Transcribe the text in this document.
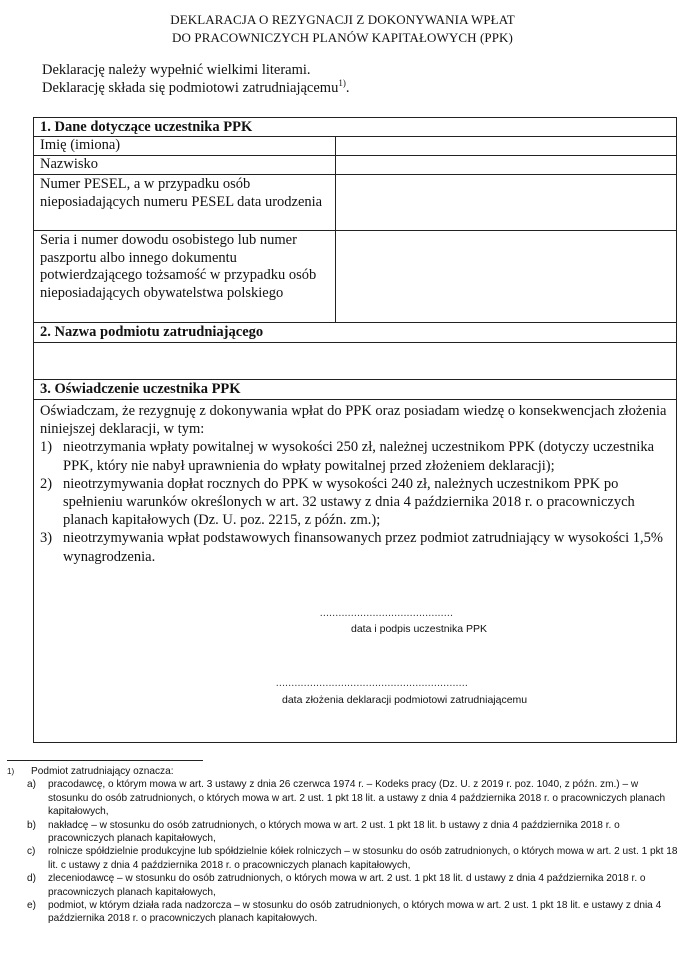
DEKLARACJA O REZYGNACJI Z DOKONYWANIA WPŁAT
DO PRACOWNICZYCH PLANÓW KAPITAŁOWYCH (PPK)
Deklarację należy wypełnić wielkimi literami.
Deklarację składa się podmiotowi zatrudniającemu$^{1)}$.
1. Dane dotyczące uczestnika PPK
Imię (imiona)
Nazwisko
Numer PESEL, a w przypadku osób nieposiadających numeru PESEL data urodzenia
Seria i numer dowodu osobistego lub numer paszportu albo innego dokumentu potwierdzającego tożsamość w przypadku osób nieposiadających obywatelstwa polskiego
2. Nazwa podmiotu zatrudniającego
3. Oświadczenie uczestnika PPK
Oświadczam, że rezygnuję z dokonywania wpłat do PPK oraz posiadam wiedzę o konsekwencjach złożenia niniejszej deklaracji, w tym:
1) nieotrzymania wpłaty powitalnej w wysokości 250 zł, należnej uczestnikom PPK (dotyczy uczestnika PPK, który nie nabył uprawnienia do wpłaty powitalnej przed złożeniem deklaracji);
2) nieotrzymywania dopłat rocznych do PPK w wysokości 240 zł, należnych uczestnikom PPK po spełnieniu warunków określonych w art. 32 ustawy z dnia 4 października 2018 r. o pracowniczych planach kapitałowych (Dz. U. poz. 2215, z późn. zm.);
3) nieotrzymywania wpłat podstawowych finansowanych przez podmiot zatrudniający w wysokości 1,5% wynagrodzenia.
...........................................
data i podpis uczestnika PPK
..............................................................
data złożenia deklaracji podmiotowi zatrudniającemu
1)	Podmiot zatrudniający oznacza:
a)	pracodawcę, o którym mowa w art. 3 ustawy z dnia 26 czerwca 1974 r. – Kodeks pracy (Dz. U. z 2019 r. poz. 1040, z późn. zm.) – w stosunku do osób zatrudnionych, o których mowa w art. 2 ust. 1 pkt 18 lit. a ustawy z dnia 4 października 2018 r. o pracowniczych planach kapitałowych,
b)	nakładcę – w stosunku do osób zatrudnionych, o których mowa w art. 2 ust. 1 pkt 18 lit. b ustawy z dnia 4 października 2018 r. o pracowniczych planach kapitałowych,
c)	rolnicze spółdzielnie produkcyjne lub spółdzielnie kółek rolniczych – w stosunku do osób zatrudnionych, o których mowa w art. 2 ust. 1 pkt 18 lit. c ustawy z dnia 4 października 2018 r. o pracowniczych planach kapitałowych,
d)	zleceniodawcę – w stosunku do osób zatrudnionych, o których mowa w art. 2 ust. 1 pkt 18 lit. d ustawy z dnia 4 października 2018 r. o pracowniczych planach kapitałowych,
e)	podmiot, w którym działa rada nadzorcza – w stosunku do osób zatrudnionych, o których mowa w art. 2 ust. 1 pkt 18 lit. e ustawy z dnia 4 października 2018 r. o pracowniczych planach kapitałowych.
